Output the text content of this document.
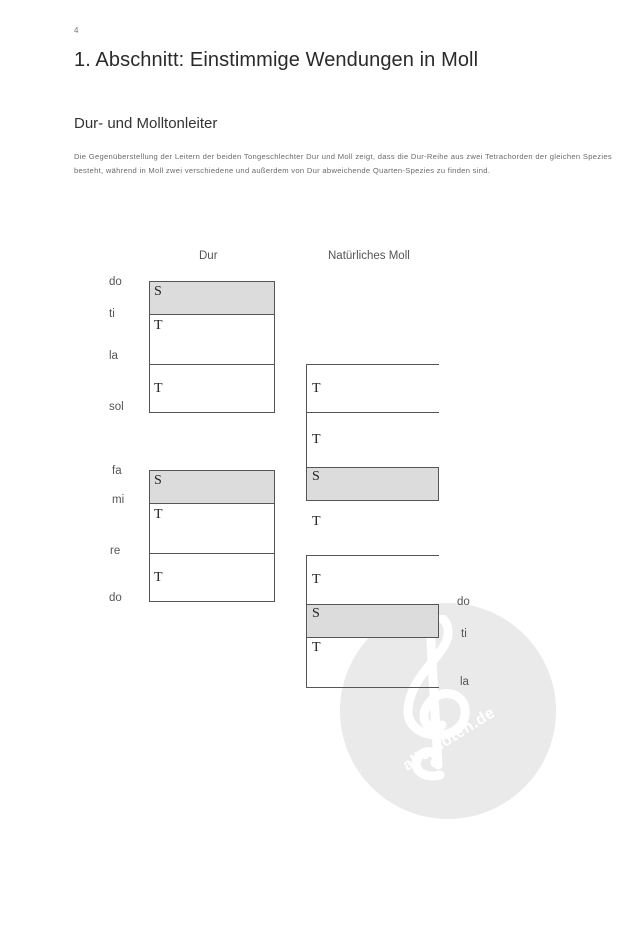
4
1. Abschnitt: Einstimmige Wendungen in Moll
Dur- und Molltonleiter
Die Gegenüberstellung der Leitern der beiden Tongeschlechter Dur und Moll zeigt, dass die Dur-Reihe aus zwei Tetrachorden der gleichen Spezies besteht, während in Moll zwei verschiedene und außerdem von Dur abweichende Quarten-Spezies zu finden sind.
alle-noten.de
Dur	Natürliches Moll
do
ti
la
sol
fa
mi
re
do
S
T
T
S
T
T
T
T
S
T
T
S
T
do
ti
la
